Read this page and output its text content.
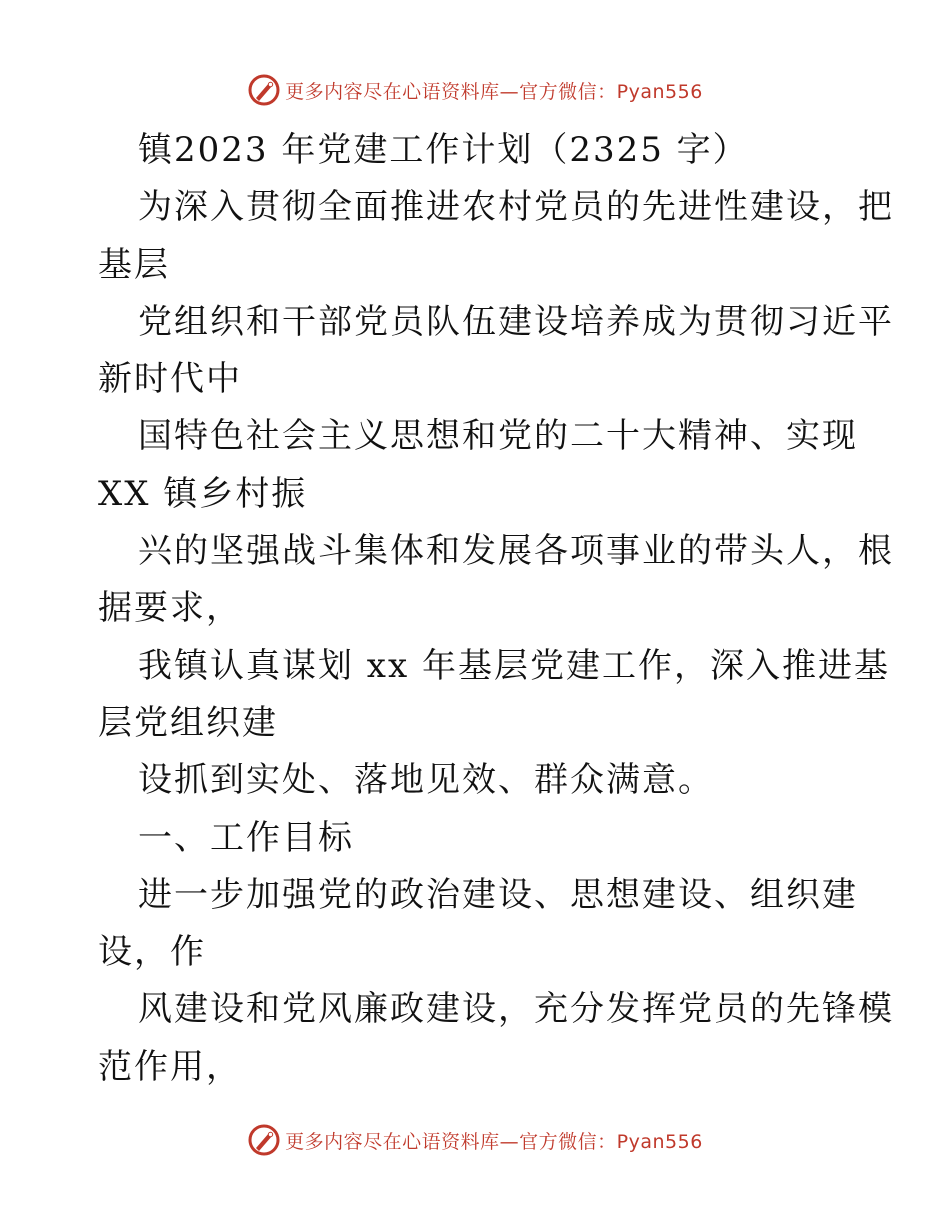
更多内容尽在心语资料库—官方微信：Pyan556
镇2023 年党建工作计划（2325 字）
为深入贯彻全面推进农村党员的先进性建设，把
基层
党组织和干部党员队伍建设培养成为贯彻习近平
新时代中
国特色社会主义思想和党的二十大精神、实现
XX 镇乡村振
兴的坚强战斗集体和发展各项事业的带头人，根
据要求，
我镇认真谋划 xx 年基层党建工作，深入推进基
层党组织建
设抓到实处、落地见效、群众满意。
一、工作目标
进一步加强党的政治建设、思想建设、组织建
设，作
风建设和党风廉政建设，充分发挥党员的先锋模
范作用，
更多内容尽在心语资料库—官方微信：Pyan556
